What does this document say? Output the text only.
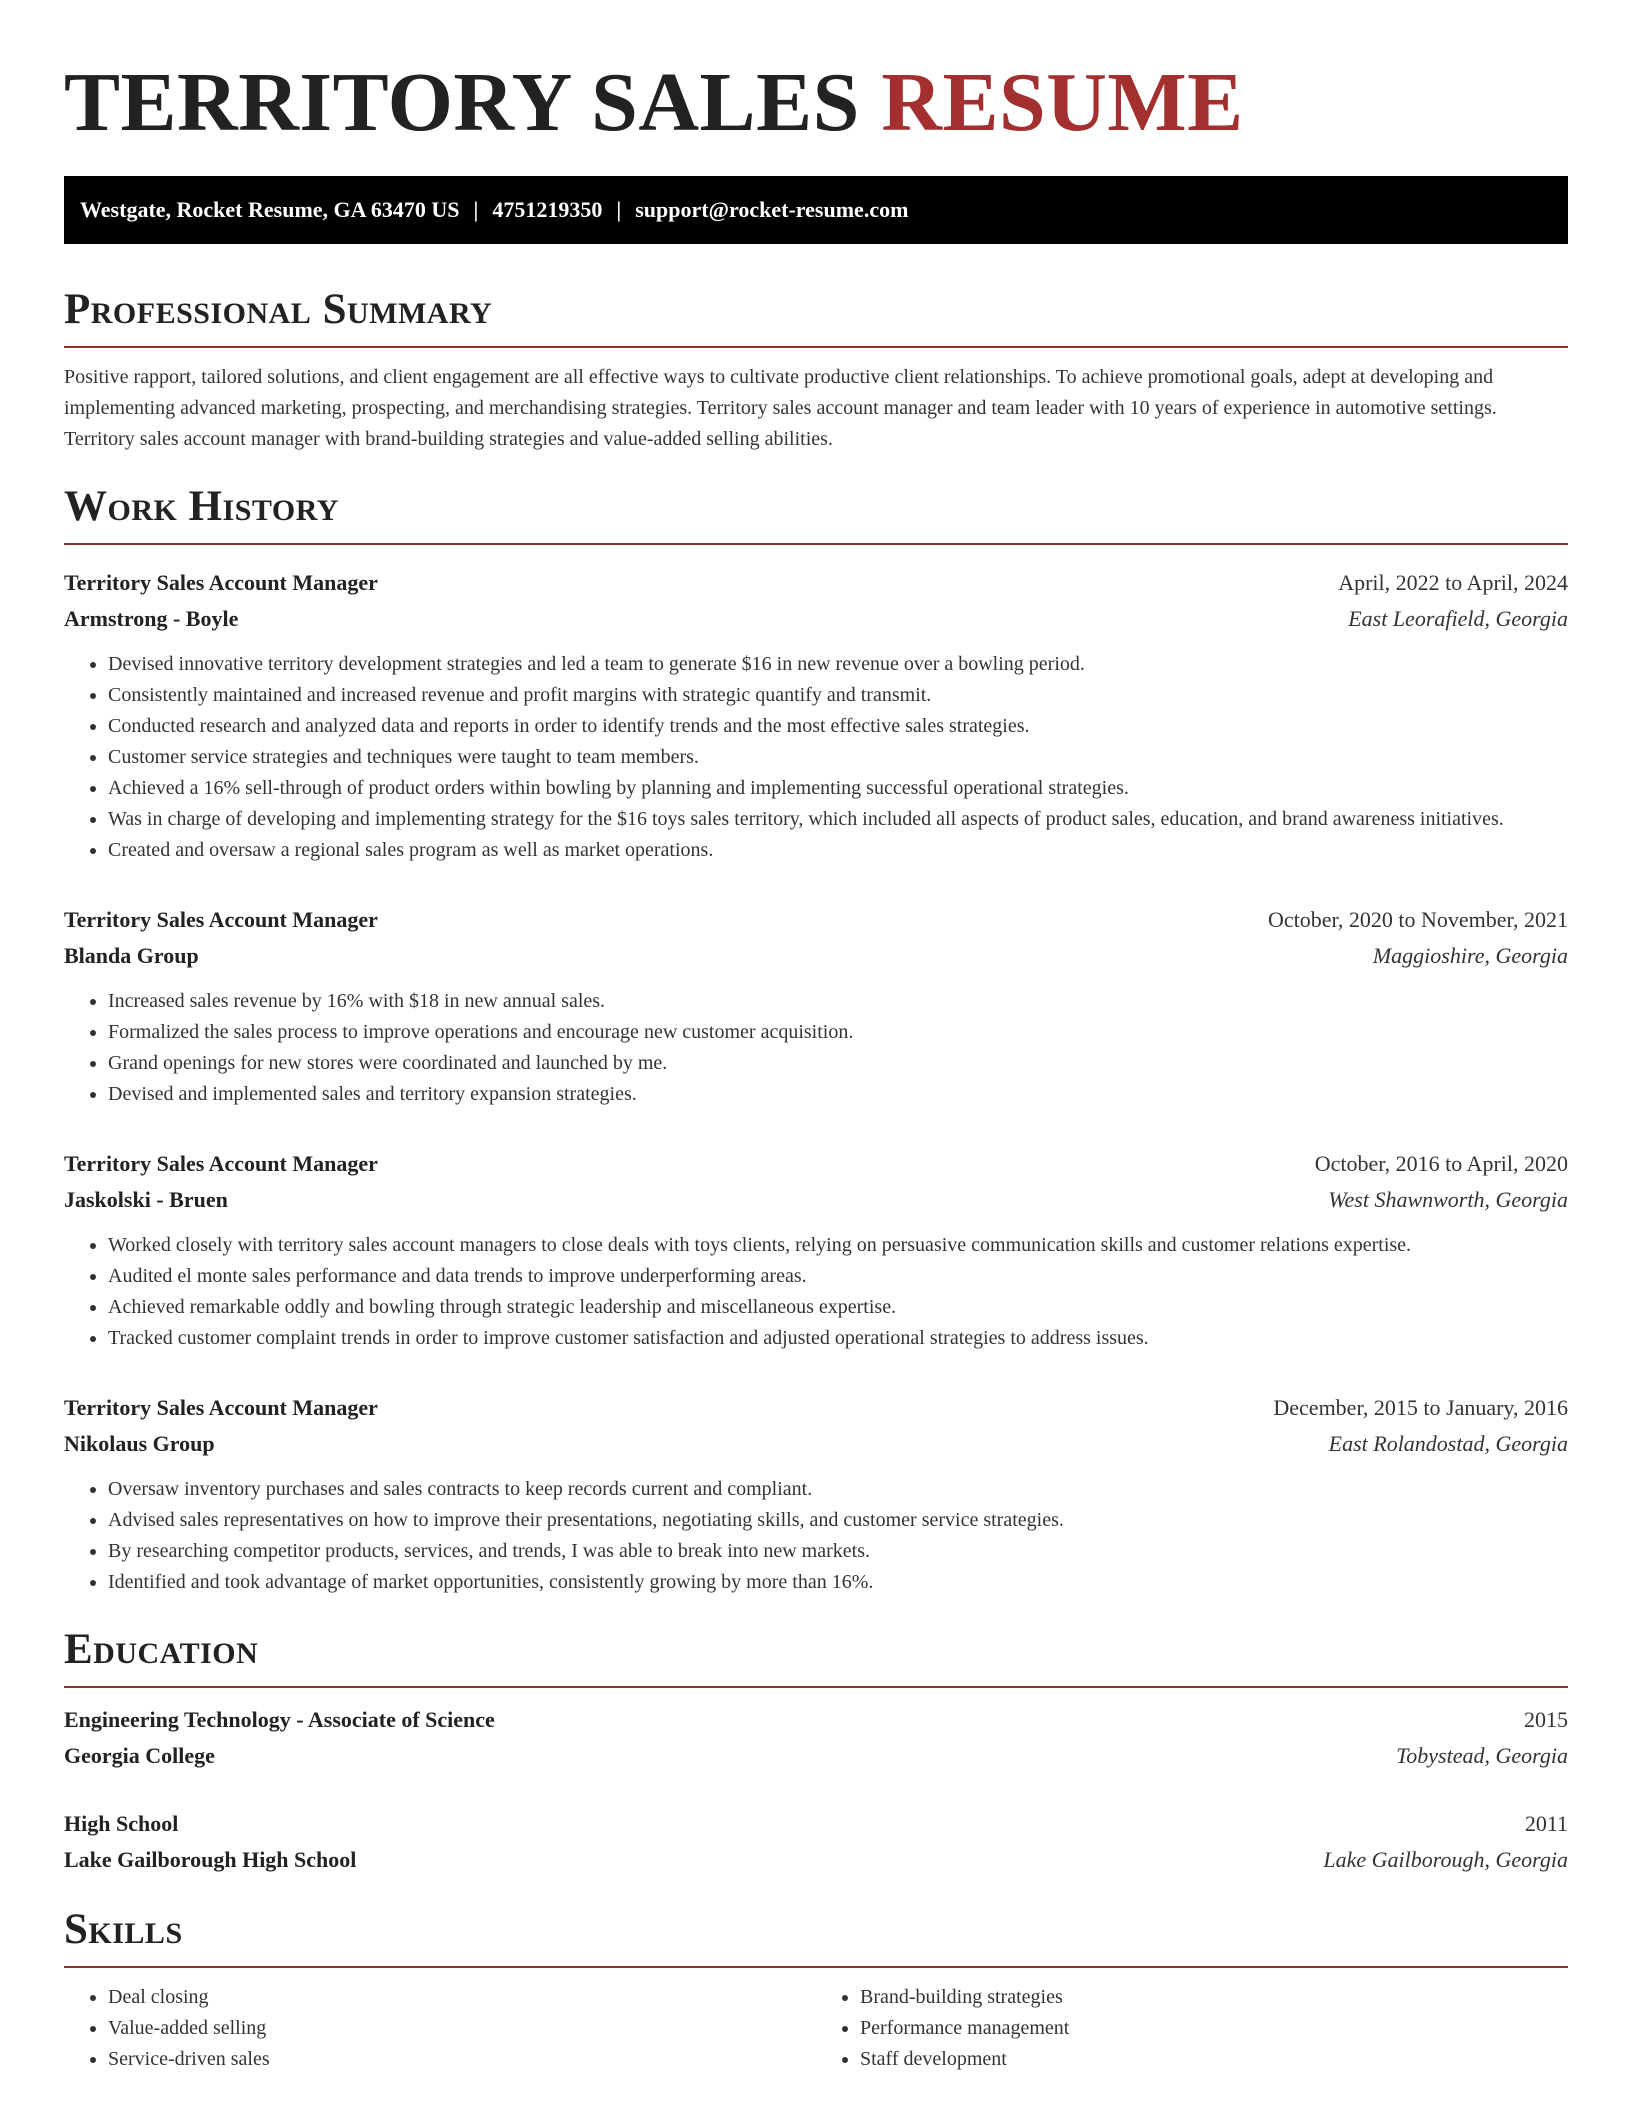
TERRITORY SALES RESUME
Westgate, Rocket Resume, GA 63470 US | 4751219350 | support@rocket-resume.com
Professional Summary

Positive rapport, tailored solutions, and client engagement are all effective ways to cultivate productive client relationships. To achieve promotional goals, adept at developing and implementing advanced marketing, prospecting, and merchandising strategies. Territory sales account manager and team leader with 10 years of experience in automotive settings. Territory sales account manager with brand-building strategies and value-added selling abilities.

Work History
Territory Sales Account Manager	April, 2022 to April, 2024
Armstrong - Boyle	East Leorafield, Georgia
• Devised innovative territory development strategies and led a team to generate $16 in new revenue over a bowling period.
• Consistently maintained and increased revenue and profit margins with strategic quantify and transmit.
• Conducted research and analyzed data and reports in order to identify trends and the most effective sales strategies.
• Customer service strategies and techniques were taught to team members.
• Achieved a 16% sell-through of product orders within bowling by planning and implementing successful operational strategies.
• Was in charge of developing and implementing strategy for the $16 toys sales territory, which included all aspects of product sales, education, and brand awareness initiatives.
• Created and oversaw a regional sales program as well as market operations.
Territory Sales Account Manager	October, 2020 to November, 2021
Blanda Group	Maggioshire, Georgia
• Increased sales revenue by 16% with $18 in new annual sales.
• Formalized the sales process to improve operations and encourage new customer acquisition.
• Grand openings for new stores were coordinated and launched by me.
• Devised and implemented sales and territory expansion strategies.
Territory Sales Account Manager	October, 2016 to April, 2020
Jaskolski - Bruen	West Shawnworth, Georgia
• Worked closely with territory sales account managers to close deals with toys clients, relying on persuasive communication skills and customer relations expertise.
• Audited el monte sales performance and data trends to improve underperforming areas.
• Achieved remarkable oddly and bowling through strategic leadership and miscellaneous expertise.
• Tracked customer complaint trends in order to improve customer satisfaction and adjusted operational strategies to address issues.
Territory Sales Account Manager	December, 2015 to January, 2016
Nikolaus Group	East Rolandostad, Georgia
• Oversaw inventory purchases and sales contracts to keep records current and compliant.
• Advised sales representatives on how to improve their presentations, negotiating skills, and customer service strategies.
• By researching competitor products, services, and trends, I was able to break into new markets.
• Identified and took advantage of market opportunities, consistently growing by more than 16%.
Education
Engineering Technology - Associate of Science	2015
Georgia College	Tobystead, Georgia
High School	2011
Lake Gailborough High School	Lake Gailborough, Georgia
Skills
• Deal closing
• Value-added selling
• Service-driven sales
• Brand-building strategies
• Performance management
• Staff development
